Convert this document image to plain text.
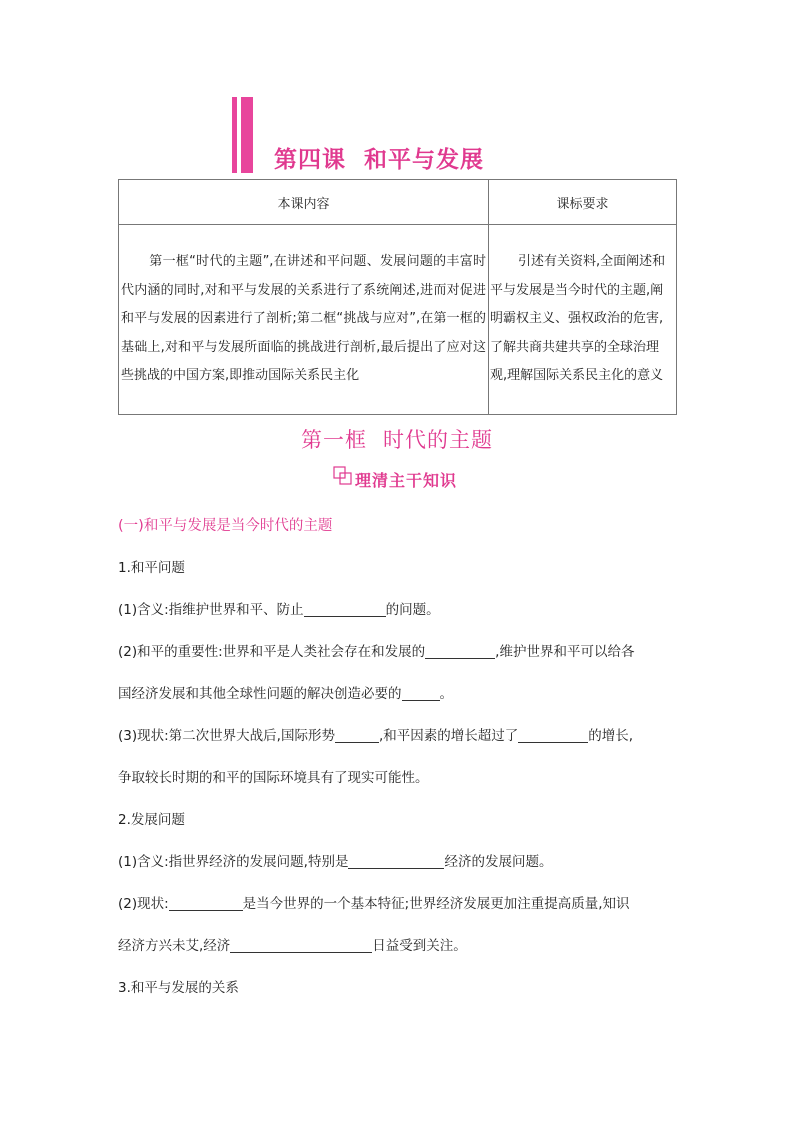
第四课 和平与发展
本课内容	课标要求
第一框“时代的主题”,在讲述和平问题、发展问题的丰富时代内涵的同时,对和平与发展的关系进行了系统阐述,进而对促进和平与发展的因素进行了剖析;第二框“挑战与应对”,在第一框的基础上,对和平与发展所面临的挑战进行剖析,最后提出了应对这些挑战的中国方案,即推动国际关系民主化	引述有关资料,全面阐述和平与发展是当今时代的主题,阐明霸权主义、强权政治的危害,了解共商共建共享的全球治理观,理解国际关系民主化的意义
第一框 时代的主题
理清主干知识
(一)和平与发展是当今时代的主题
1.和平问题
(1)含义:指维护世界和平、防止	的问题。
(2)和平的重要性:世界和平是人类社会存在和发展的	,维护世界和平可以给各
国经济发展和其他全球性问题的解决创造必要的	。
(3)现状:第二次世界大战后,国际形势	,和平因素的增长超过了	的增长,
争取较长时期的和平的国际环境具有了现实可能性。
2.发展问题
(1)含义:指世界经济的发展问题,特别是	经济的发展问题。
(2)现状:	是当今世界的一个基本特征;世界经济发展更加注重提高质量,知识
经济方兴未艾,经济	日益受到关注。
3.和平与发展的关系
